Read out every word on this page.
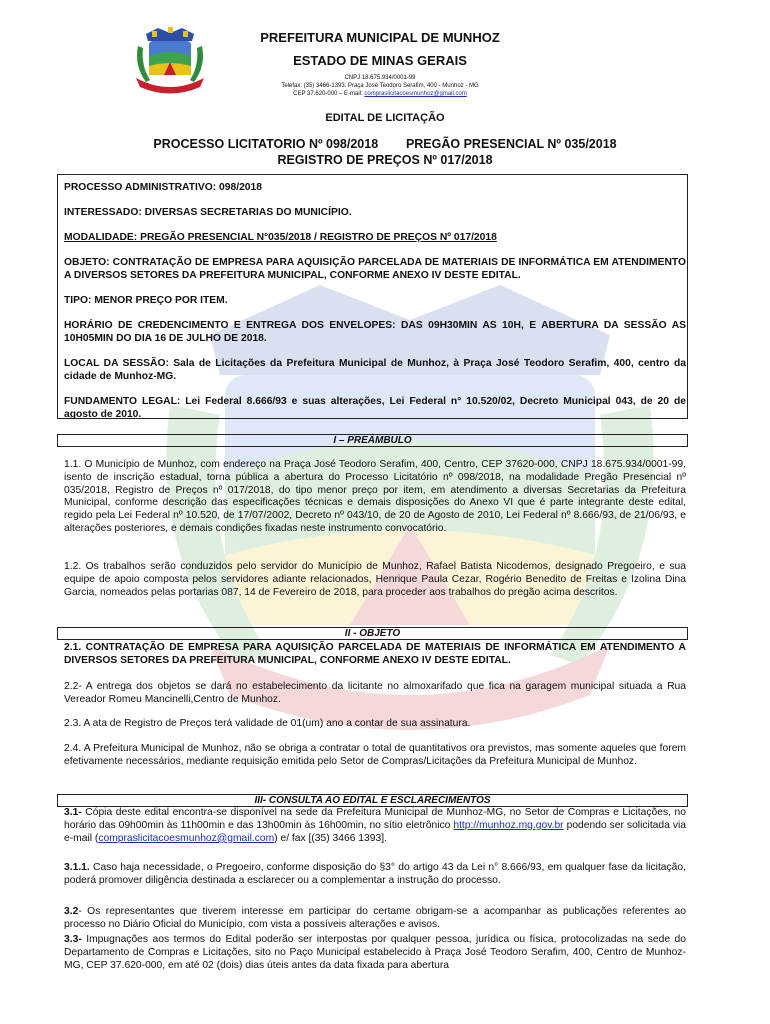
PREFEITURA MUNICIPAL DE MUNHOZ
ESTADO DE MINAS GERAIS
CNPJ 18.675.934/0001-99
Telefax: (35) 3466-1393. Praça José Teodoro Serafim, 400 - Munhoz - MG
CEP 37.620-000 – E-mail: compraslicitacoesmunhoz@gmail.com
EDITAL DE LICITAÇÃO
PROCESSO LICITATORIO Nº 098/2018        PREGÃO PRESENCIAL Nº 035/2018
REGISTRO DE PREÇOS Nº 017/2018
PROCESSO ADMINISTRATIVO: 098/2018
INTERESSADO: DIVERSAS SECRETARIAS DO MUNICÍPIO.
MODALIDADE: PREGÃO PRESENCIAL N°035/2018 / REGISTRO DE PREÇOS Nº 017/2018
OBJETO: CONTRATAÇÃO DE EMPRESA PARA AQUISIÇÃO PARCELADA DE MATERIAIS DE INFORMÁTICA EM ATENDIMENTO A DIVERSOS SETORES DA PREFEITURA MUNICIPAL, CONFORME ANEXO IV DESTE EDITAL.
TIPO: MENOR PREÇO POR ITEM.
HORÁRIO DE CREDENCIMENTO E ENTREGA DOS ENVELOPES: DAS 09H30MIN AS 10H, E ABERTURA DA SESSÃO AS 10H05MIN DO DIA 16 DE JULHO DE 2018.
LOCAL DA SESSÃO: Sala de Licitações da Prefeitura Municipal de Munhoz, à Praça José Teodoro Serafim, 400, centro da cidade de Munhoz-MG.
FUNDAMENTO LEGAL: Lei Federal 8.666/93 e suas alterações, Lei Federal n° 10.520/02, Decreto Municipal 043, de 20 de agosto de 2010.
I – PREÂMBULO
1.1. O Município de Munhoz, com endereço na Praça José Teodoro Serafim, 400, Centro, CEP 37620-000, CNPJ 18.675.934/0001-99, isento de inscrição estadual, torna pública a abertura do Processo Licitatório nº 098/2018, na modalidade Pregão Presencial nº 035/2018, Registro de Preços nº 017/2018, do tipo menor preço por item, em atendimento a diversas Secretarias da Prefeitura Municipal, conforme descrição das especificações técnicas e demais disposições do Anexo VI que é parte integrante deste edital, regido pela Lei Federal nº 10.520, de 17/07/2002, Decreto nº 043/10, de 20 de Agosto de 2010, Lei Federal nº 8.666/93, de 21/06/93, e alterações posteriores, e demais condições fixadas neste instrumento convocatório.
1.2. Os trabalhos serão conduzidos pelo servidor do Município de Munhoz, Rafael Batista Nicodemos, designado Pregoeiro, e sua equipe de apoio composta pelos servidores adiante relacionados, Henrique Paula Cezar, Rogério Benedito de Freitas e Izolina Dina Garcia, nomeados pelas portarias 087, 14 de Fevereiro de 2018, para proceder aos trabalhos do pregão acima descritos.
II - OBJETO
2.1. CONTRATAÇÃO DE EMPRESA PARA AQUISIÇÃO PARCELADA DE MATERIAIS DE INFORMÁTICA EM ATENDIMENTO A DIVERSOS SETORES DA PREFEITURA MUNICIPAL, CONFORME ANEXO IV DESTE EDITAL.
2.2- A entrega dos objetos se dará no estabelecimento da licitante no almoxarifado que fica na garagem municipal situada a Rua Vereador Romeu Mancinelli,Centro de Munhoz.
2.3. A ata de Registro de Preços terá validade de 01(um) ano a contar de sua assinatura.
2.4. A Prefeitura Municipal de Munhoz, não se obriga a contratar o total de quantitativos ora previstos, mas somente aqueles que forem efetivamente necessários, mediante requisição emitida pelo Setor de Compras/Licitações da Prefeitura Municipal de Munhoz.
III- CONSULTA AO EDITAL E ESCLARECIMENTOS
3.1- Cópia deste edital encontra-se disponível na sede da Prefeitura Municipal de Munhoz-MG, no Setor de Compras e Licitações, no horário das 09h00min às 11h00min e das 13h00min às 16h00min, no sítio eletrônico http://munhoz.mg.gov.br podendo ser solicitada via e-mail (compraslicitacoesmunhoz@gmail.com) e/ fax [(35) 3466 1393].
3.1.1. Caso haja necessidade, o Pregoeiro, conforme disposição do §3° do artigo 43 da Lei n° 8.666/93, em qualquer fase da licitação, poderá promover diligência destinada a esclarecer ou a complementar a instrução do processo.
3.2- Os representantes que tiverem interesse em participar do certame obrigam-se a acompanhar as publicações referentes ao processo no Diário Oficial do Município, com vista a possíveis alterações e avisos.
3.3- Impugnações aos termos do Edital poderão ser interpostas por qualquer pessoa, jurídica ou física, protocolizadas na sede do Departamento de Compras e Licitações, sito no Paço Municipal estabelecido à Praça José Teodoro Serafim, 400, Centro de Munhoz-MG, CEP 37.620-000, em até 02 (dois) dias úteis antes da data fixada para abertura
